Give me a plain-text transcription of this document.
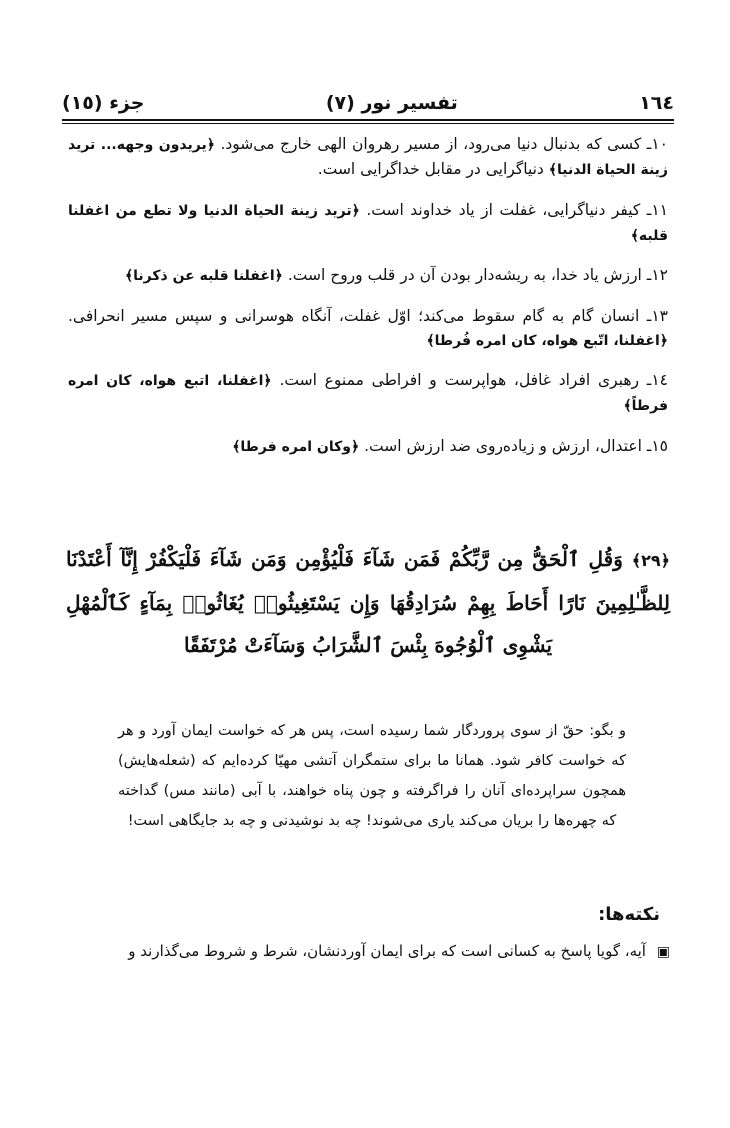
١٦٤
تفسیر نور (۷)
جزء (١٥)

١٠ـ کسی که بدنبال دنیا می‌رود، از مسیر رهروان الهی خارج می‌شود. ﴿یریدون وجهه... ترید زینة الحیاة الدنیا﴾ دنیاگرایی در مقابل خداگرایی است.

١١ـ کیفر دنیاگرایی، غفلت از یاد خداوند است. ﴿ترید زینة الحیاة الدنیا ولا تطع من اغفلنا قلبه﴾

١٢ـ ارزش یاد خدا، به ریشه‌دار بودن آن در قلب وروح است. ﴿اغفلنا قلبه عن ذکرنا﴾

١٣ـ انسان گام به گام سقوط می‌کند؛ اوّل غفلت، آنگاه هوسرانی و سپس مسیر انحرافی. ﴿اغفلنا، اتّبع هواه، کان امره فُرطا﴾

١٤ـ رهبری افراد غافل، هواپرست و افراطی ممنوع است. ﴿اغفلنا، اتبع هواه، کان امره فرطاً﴾

١٥ـ اعتدال، ارزش و زیاده‌روی ضد ارزش است. ﴿وکان امره فرطا﴾

﴿٢٩﴾ وَقُلِ ٱلْحَقُّ مِن رَّبِّكُمْ فَمَن شَآءَ فَلْيُؤْمِن وَمَن شَآءَ فَلْيَكْفُرْ إِنَّآ أَعْتَدْنَا لِلظَّـٰلِمِينَ نَارًا أَحَاطَ بِهِمْ سُرَادِقُهَا وَإِن يَسْتَغِيثُوا۟ يُغَاثُوا۟ بِمَآءٍ كَٱلْمُهْلِ يَشْوِى ٱلْوُجُوهَ بِئْسَ ٱلشَّرَابُ وَسَآءَتْ مُرْتَفَقًا
و بگو: حقّ از سوی پروردگار شما رسیده است، پس هر که خواست ایمان آورد و هر که خواست کافر شود. همانا ما برای ستمگران آتشی مهیّا کرده‌ایم که (شعله‌هایش) همچون سراپرده‌ای آنان را فراگرفته و چون پناه خواهند، با آبی (مانند مس) گداخته که چهره‌ها را بریان می‌کند یاری می‌شوند! چه بد نوشیدنی و چه بد جایگاهی است!
نکته‌ها:
▣ آیه، گویا پاسخ به کسانی است که برای ایمان آوردنشان، شرط و شروط می‌گذارند و
